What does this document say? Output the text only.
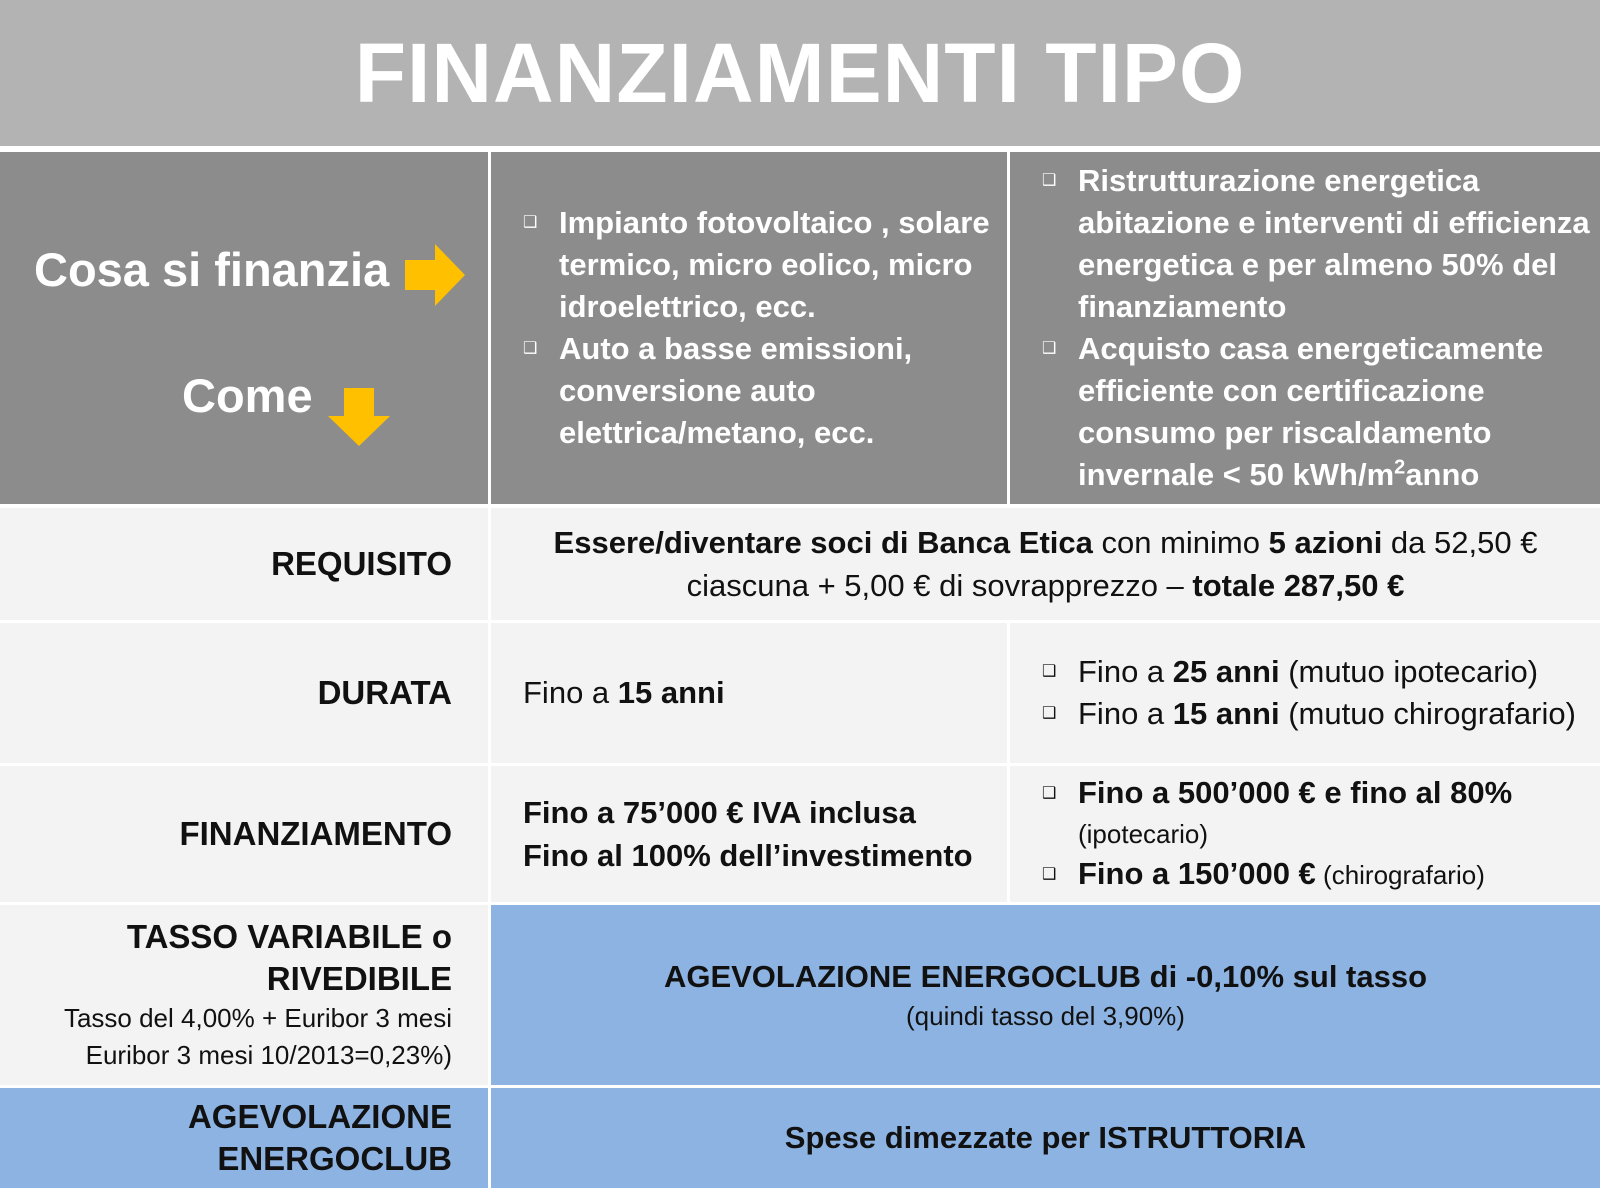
FINANZIAMENTI TIPO
Cosa si finanzia
Come
❑ Impianto fotovoltaico , solare termico, micro eolico, micro idroelettrico, ecc.
❑ Auto a basse emissioni, conversione auto elettrica/metano, ecc.
❑ Ristrutturazione energetica abitazione e interventi di efficienza energetica e per almeno 50% del finanziamento
❑ Acquisto casa energeticamente efficiente con certificazione consumo per riscaldamento invernale < 50 kWh/$m^2anno$
REQUISITO
Essere/diventare soci di Banca Etica con minimo 5 azioni da 52,50 € ciascuna + 5,00 € di sovrapprezzo – totale 287,50 €
DURATA Fino a 15 anni
❑ Fino a 25 anni (mutuo ipotecario)
❑ Fino a 15 anni (mutuo chirografario)
FINANZIAMENTO
Fino a 75’000 € IVA inclusa
Fino al 100% dell’investimento
❑ Fino a 500’000 € e fino al 80%
(ipotecario)
❑ Fino a 150’000 € (chirografario)
TASSO VARIABILE o
RIVEDIBILE
Tasso del 4,00% + Euribor 3 mesi
Euribor 3 mesi 10/2013=0,23%)
AGEVOLAZIONE ENERGOCLUB di -0,10% sul tasso
(quindi tasso del 3,90%)
AGEVOLAZIONE
ENERGOCLUB
Spese dimezzate per ISTRUTTORIA
